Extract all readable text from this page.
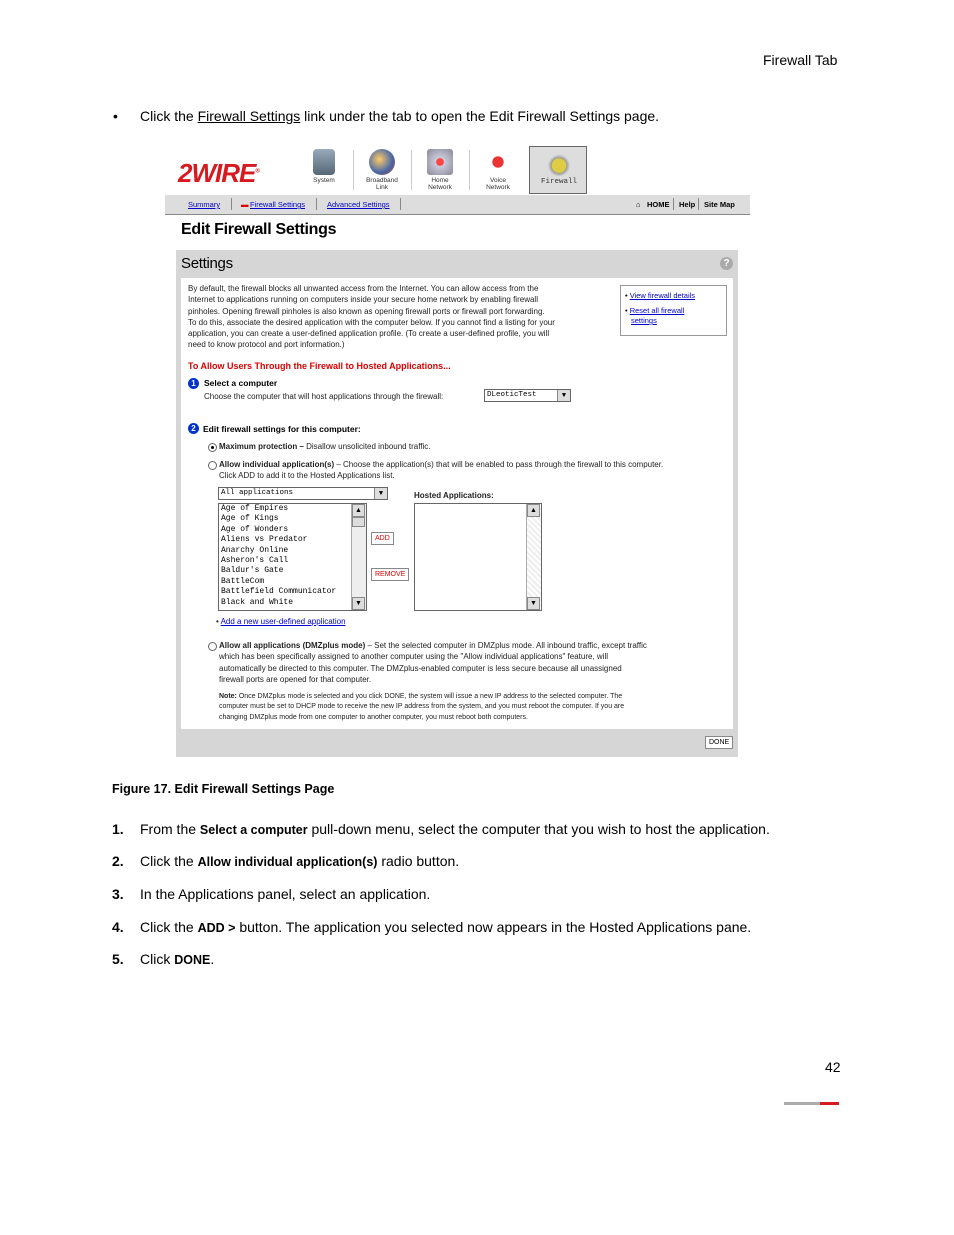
Firewall Tab
• Click the Firewall Settings link under the tab to open the Edit Firewall Settings page.
2WIRE®
System	Broadband
Link
Home
Network
Voice
Network
Firewall
Summary	▬ Firewall Settings	Advanced Settings	⌂ HOME Help Site Map
Edit Firewall Settings
Settings	?
By default, the firewall blocks all unwanted access from the Internet. You can allow access from the
Internet to applications running on computers inside your secure home network by enabling firewall
pinholes. Opening firewall pinholes is also known as opening firewall ports or firewall port forwarding.
To do this, associate the desired application with the computer below. If you cannot find a listing for your
application, you can create a user-defined application profile. (To create a user-defined profile, you will
need to know protocol and port information.)
• View firewall details
• Reset all firewall
settings
To Allow Users Through the Firewall to Hosted Applications...
1 Select a computer
Choose the computer that will host applications through the firewall:	DLeoticTest	▼
2 Edit firewall settings for this computer:
Maximum protection – Disallow unsolicited inbound traffic.
Allow individual application(s) – Choose the application(s) that will be enabled to pass through the firewall to this computer.
Click ADD to add it to the Hosted Applications list.
All applications	▼	Hosted Applications:
Age of Empires
Age of Kings
Age of Wonders
Aliens vs Predator
Anarchy Online
Asheron's Call
Baldur's Gate
BattleCom
Battlefield Communicator
Black and White
▲
▼
ADD
REMOVE
▲
▼
• Add a new user-defined application
Allow all applications (DMZplus mode) – Set the selected computer in DMZplus mode. All inbound traffic, except traffic
which has been specifically assigned to another computer using the "Allow individual applications" feature, will
automatically be directed to this computer. The DMZplus-enabled computer is less secure because all unassigned
firewall ports are opened for that computer.
Note: Once DMZplus mode is selected and you click DONE, the system will issue a new IP address to the selected computer. The
computer must be set to DHCP mode to receive the new IP address from the system, and you must reboot the computer. If you are
changing DMZplus mode from one computer to another computer, you must reboot both computers.
DONE
Figure 17. Edit Firewall Settings Page
1. From the Select a computer pull-down menu, select the computer that you wish to host the application.
2. Click the Allow individual application(s) radio button.
3. In the Applications panel, select an application.
4. Click the ADD > button. The application you selected now appears in the Hosted Applications pane.
5. Click DONE.
42
